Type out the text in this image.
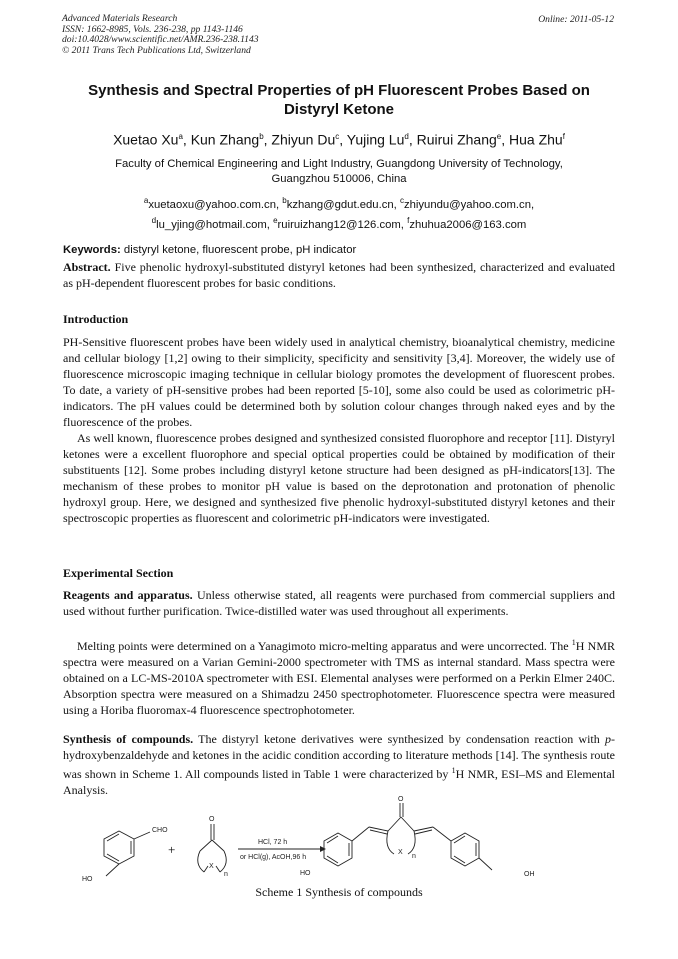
Advanced Materials Research
ISSN: 1662-8985, Vols. 236-238, pp 1143-1146
doi:10.4028/www.scientific.net/AMR.236-238.1143
© 2011 Trans Tech Publications Ltd, Switzerland
Online: 2011-05-12
Synthesis and Spectral Properties of pH Fluorescent Probes Based on
Distyryl Ketone
Xuetao Xu$^a$, Kun Zhang$^b$, Zhiyun Du$^c$, Yujing Lu$^d$, Ruirui Zhang$^e$, Hua Zhu$^f$
Faculty of Chemical Engineering and Light Industry, Guangdong University of Technology,
Guangzhou 510006, China
$^a$xuetaoxu@yahoo.com.cn, $^b$kzhang@gdut.edu.cn, $^c$zhiyundu@yahoo.com.cn,
$^d$lu_yjing@hotmail.com, $^e$ruiruizhang12@126.com, $^f$zhuhua2006@163.com
Keywords: distyryl ketone, fluorescent probe, pH indicator
Abstract. Five phenolic hydroxyl-substituted distyryl ketones had been synthesized, characterized and evaluated as pH-dependent fluorescent probes for basic conditions.
Introduction

PH-Sensitive fluorescent probes have been widely used in analytical chemistry, bioanalytical chemistry, medicine and cellular biology [1,2] owing to their simplicity, specificity and sensitivity [3,4]. Moreover, the widely use of fluorescence microscopic imaging technique in cellular biology promotes the development of fluorescent probes. To date, a variety of pH-sensitive probes had been reported [5-10], some also could be used as colorimetric pH-indicators. The pH values could be determined both by solution colour changes through naked eyes and by the fluorescence of the probes.

As well known, fluorescence probes designed and synthesized consisted fluorophore and receptor [11]. Distyryl ketones were a excellent fluorophore and special optical properties could be obtained by modification of their substituents [12]. Some probes including distyryl ketone structure had been designed as pH-indicators[13]. The mechanism of these probes to monitor pH value is based on the deprotonation and protonation of phenolic hydroxyl group. Here, we designed and synthesized five phenolic hydroxyl-substituted distyryl ketones and their spectroscopic properties as fluorescent and colorimetric pH-indicators were investigated.

Experimental Section

Reagents and apparatus. Unless otherwise stated, all reagents were purchased from commercial suppliers and used without further purification. Twice-distilled water was used throughout all experiments.

Melting points were determined on a Yanagimoto micro-melting apparatus and were uncorrected. The $^1$H NMR spectra were measured on a Varian Gemini-2000 spectrometer with TMS as internal standard. Mass spectra were obtained on a LC-MS-2010A spectrometer with ESI. Elemental analyses were performed on a Perkin Elmer 240C. Absorption spectra were measured on a Shimadzu 2450 spectrophotometer. Fluorescence spectra were measured using a Horiba fluoromax-4 fluorescence spectrophotometer.

Synthesis of compounds. The distyryl ketone derivatives were synthesized by condensation reaction with p-hydroxybenzaldehyde and ketones in the acidic condition according to literature methods [14]. The synthesis route was shown in Scheme 1. All compounds listed in Table 1 were characterized by $^1$H NMR, ESI–MS and Elemental Analysis.

CHO
HO
+
O
X
n
HCl, 72 h
or HCl(g), AcOH,96 h
O
X
n
HO	OH
Scheme 1 Synthesis of compounds
